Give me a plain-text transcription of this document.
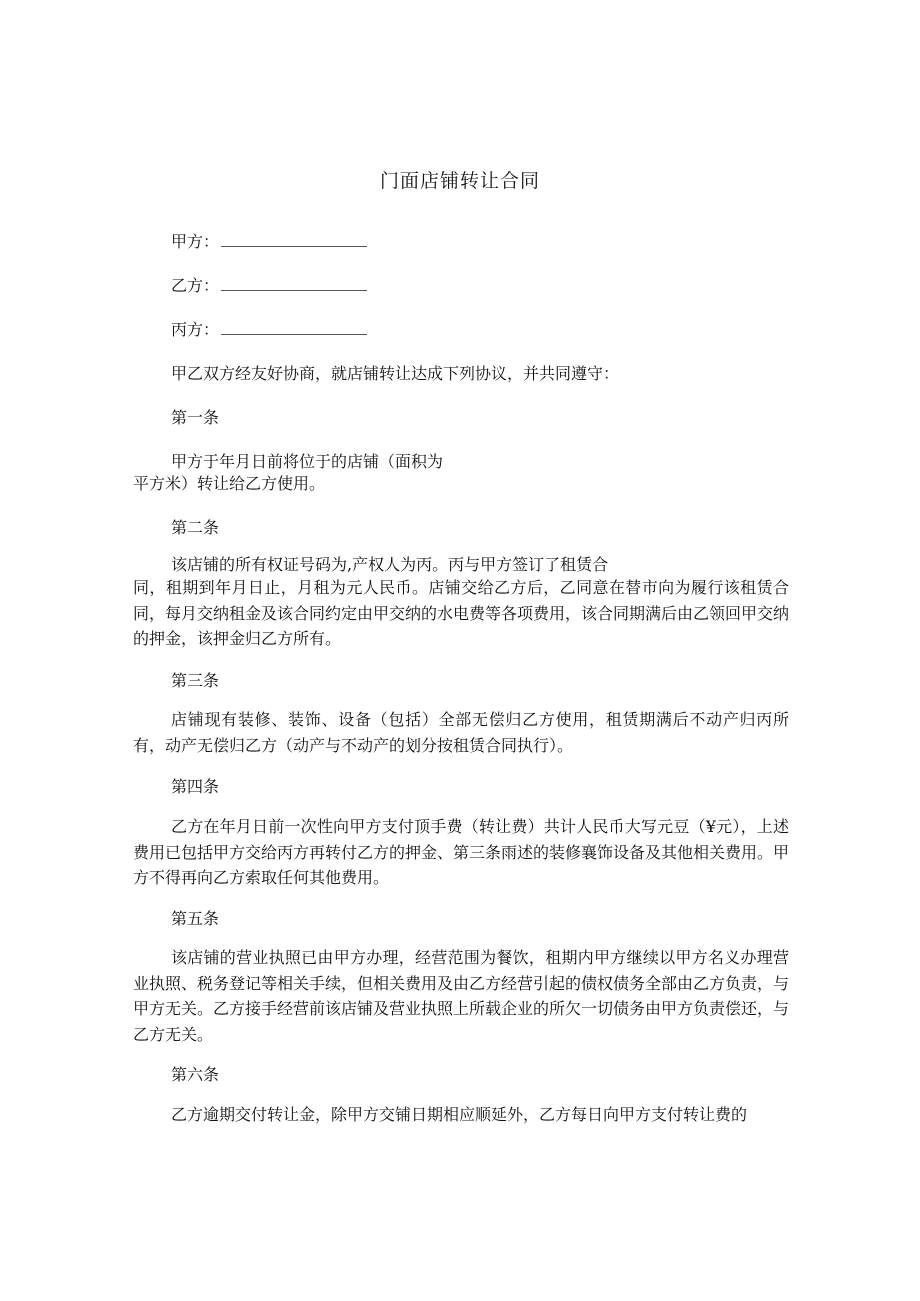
门面店铺转让合同
甲方：
乙方：
丙方：
甲乙双方经友好协商，就店铺转让达成下列协议，并共同遵守：
第一条
甲方于年月日前将位于的店铺（面积为
平方米）转让给乙方使用。
第二条
该店铺的所有权证号码为,产权人为丙。丙与甲方签订了租赁合

同，租期到年月日止，月租为元人民币。店铺交给乙方后，乙同意在替市向为履行该租赁合同，每月交纳租金及该合同约定由甲交纳的水电费等各项费用，该合同期满后由乙领回甲交纳的押金，该押金归乙方所有。

第三条

店铺现有装修、装饰、设备（包括）全部无偿归乙方使用，租赁期满后不动产归丙所有，动产无偿归乙方（动产与不动产的划分按租赁合同执行）。

第四条

乙方在年月日前一次性向甲方支付顶手费（转让费）共计人民币大写元豆（¥元），上述费用已包括甲方交给丙方再转付乙方的押金、第三条雨述的装修襄饰设备及其他相关费用。甲方不得再向乙方索取任何其他费用。

第五条

该店铺的营业执照已由甲方办理，经营范围为餐饮，租期内甲方继续以甲方名义办理营业执照、税务登记等相关手续，但相关费用及由乙方经营引起的债权债务全部由乙方负责，与甲方无关。乙方接手经营前该店铺及营业执照上所载企业的所欠一切债务由甲方负责偿还，与乙方无关。

第六条

乙方逾期交付转让金，除甲方交铺日期相应顺延外，乙方每日向甲方支付转让费的
